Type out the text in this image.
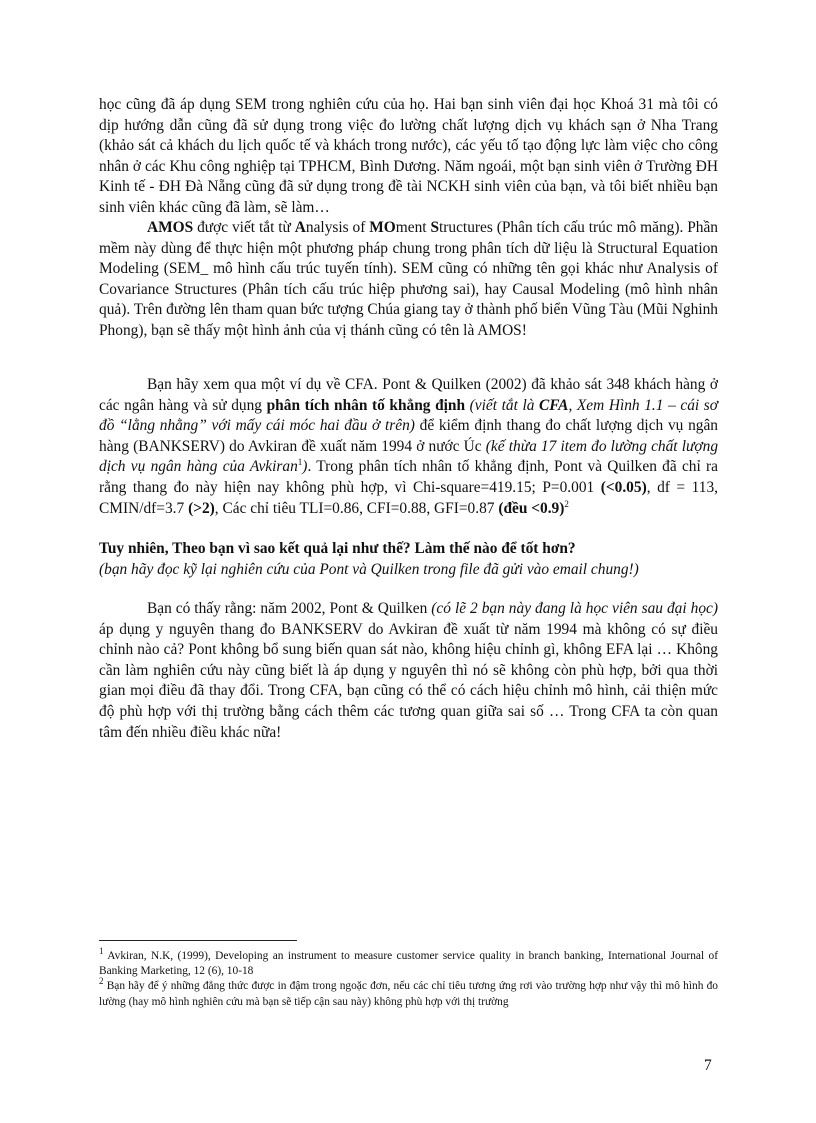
học cũng đã áp dụng SEM trong nghiên cứu của họ. Hai bạn sinh viên đại học Khoá 31 mà tôi có dịp hướng dẫn cũng đã sử dụng trong việc đo lường chất lượng dịch vụ khách sạn ở Nha Trang (khảo sát cả khách du lịch quốc tế và khách trong nước), các yếu tố tạo động lực làm việc cho công nhân ở các Khu công nghiệp tại TPHCM, Bình Dương. Năm ngoái, một bạn sinh viên ở Trường ĐH Kinh tế - ĐH Đà Nẵng cũng đã sử dụng trong đề tài NCKH sinh viên của bạn, và tôi biết nhiều bạn sinh viên khác cũng đã làm, sẽ làm…

AMOS được viết tắt từ Analysis of MOment Structures (Phân tích cấu trúc mô măng). Phần mềm này dùng để thực hiện một phương pháp chung trong phân tích dữ liệu là Structural Equation Modeling (SEM_ mô hình cấu trúc tuyến tính). SEM cũng có những tên gọi khác như Analysis of Covariance Structures (Phân tích cấu trúc hiệp phương sai), hay Causal Modeling (mô hình nhân quả). Trên đường lên tham quan bức tượng Chúa giang tay ở thành phố biển Vũng Tàu (Mũi Nghinh Phong), bạn sẽ thấy một hình ảnh của vị thánh cũng có tên là AMOS!

Bạn hãy xem qua một ví dụ về CFA. Pont & Quilken (2002) đã khảo sát 348 khách hàng ở các ngân hàng và sử dụng phân tích nhân tố khẳng định (viết tắt là CFA, Xem Hình 1.1 – cái sơ đồ “lằng nhằng” với mấy cái móc hai đầu ở trên) để kiểm định thang đo chất lượng dịch vụ ngân hàng (BANKSERV) do Avkiran đề xuất năm 1994 ở nước Úc (kế thừa 17 item đo lường chất lượng dịch vụ ngân hàng của Avkiran$^1$). Trong phân tích nhân tố khẳng định, Pont và Quilken đã chỉ ra rằng thang đo này hiện nay không phù hợp, vì Chi-square=419.15; P=0.001 (<0.05), df = 113, CMIN/df=3.7 (>2), Các chỉ tiêu TLI=0.86, CFI=0.88, GFI=0.87 (đều <0.9)$^2$

Tuy nhiên, Theo bạn vì sao kết quả lại như thế? Làm thế nào để tốt hơn?

(bạn hãy đọc kỹ lại nghiên cứu của Pont và Quilken trong file đã gửi vào email chung!)

Bạn có thấy rằng: năm 2002, Pont & Quilken (có lẽ 2 bạn này đang là học viên sau đại học) áp dụng y nguyên thang đo BANKSERV do Avkiran đề xuất từ năm 1994 mà không có sự điều chỉnh nào cả? Pont không bổ sung biến quan sát nào, không hiệu chỉnh gì, không EFA lại … Không cần làm nghiên cứu này cũng biết là áp dụng y nguyên thì nó sẽ không còn phù hợp, bởi qua thời gian mọi điều đã thay đổi. Trong CFA, bạn cũng có thể có cách hiệu chỉnh mô hình, cải thiện mức độ phù hợp với thị trường bằng cách thêm các tương quan giữa sai số … Trong CFA ta còn quan tâm đến nhiều điều khác nữa!

$^1$ Avkiran, N.K, (1999), Developing an instrument to measure customer service quality in branch banking, International Journal of Banking Marketing, 12 (6), 10-18

$^2$ Bạn hãy để ý những đẳng thức được in đậm trong ngoặc đơn, nếu các chỉ tiêu tương ứng rơi vào trường hợp như vậy thì mô hình đo lường (hay mô hình nghiên cứu mà bạn sẽ tiếp cận sau này) không phù hợp với thị trường

7
